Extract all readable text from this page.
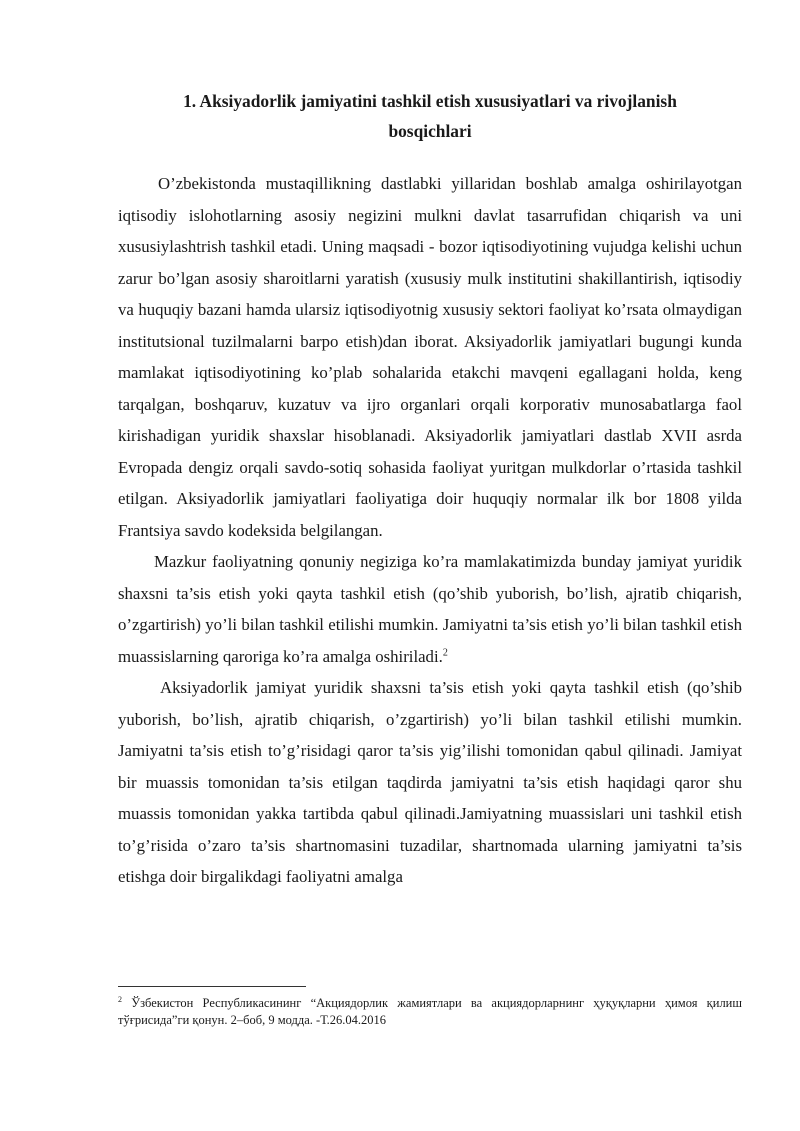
1. Aksiyadorlik jamiyatini tashkil etish xususiyatlari va rivojlanish
bosqichlari

O’zbekistonda mustaqillikning dastlabki yillaridan boshlab amalga oshirilayotgan iqtisodiy islohotlarning asosiy negizini mulkni davlat tasarrufidan chiqarish va uni xususiylashtrish tashkil etadi. Uning maqsadi - bozor iqtisodiyotining vujudga kelishi uchun zarur bo’lgan asosiy sharoitlarni yaratish (xususiy mulk institutini shakillantirish, iqtisodiy va huquqiy bazani hamda ularsiz iqtisodiyotnig xususiy sektori faoliyat ko’rsata olmaydigan institutsional tuzilmalarni barpo etish)dan iborat. Aksiyadorlik jamiyatlari bugungi kunda mamlakat iqtisodiyotining ko’plab sohalarida etakchi mavqeni egallagani holda, keng tarqalgan, boshqaruv, kuzatuv va ijro organlari orqali korporativ munosabatlarga faol kirishadigan yuridik shaxslar hisoblanadi. Aksiyadorlik jamiyatlari dastlab XVII asrda Evropada dengiz orqali savdo-sotiq sohasida faoliyat yuritgan mulkdorlar o’rtasida tashkil etilgan. Aksiyadorlik jamiyatlari faoliyatiga doir huquqiy normalar ilk bor 1808 yilda Frantsiya savdo kodeksida belgilangan.

Mazkur faoliyatning qonuniy negiziga ko’ra mamlakatimizda bunday jamiyat yuridik shaxsni ta’sis etish yoki qayta tashkil etish (qo’shib yuborish, bo’lish, ajratib chiqarish, o’zgartirish) yo’li bilan tashkil etilishi mumkin. Jamiyatni ta’sis etish yo’li bilan tashkil etish muassislarning qaroriga ko’ra amalga oshiriladi.$^2$

Aksiyadorlik jamiyat yuridik shaxsni ta’sis etish yoki qayta tashkil etish (qo’shib yuborish, bo’lish, ajratib chiqarish, o’zgartirish) yo’li bilan tashkil etilishi mumkin. Jamiyatni ta’sis etish to’g’risidagi qaror ta’sis yig’ilishi tomonidan qabul qilinadi. Jamiyat bir muassis tomonidan ta’sis etilgan taqdirda jamiyatni ta’sis etish haqidagi qaror shu muassis tomonidan yakka tartibda qabul qilinadi.Jamiyatning muassislari uni tashkil etish to’g’risida o’zaro ta’sis shartnomasini tuzadilar, shartnomada ularning jamiyatni ta’sis etishga doir birgalikdagi faoliyatni amalga

$^2$ Ўзбекистон Республикасининг “Акциядорлик жамиятлари ва акциядорларнинг ҳуқуқларни ҳимоя қилиш тўғрисида”ги қонун. 2–боб, 9 модда. -Т.26.04.2016
